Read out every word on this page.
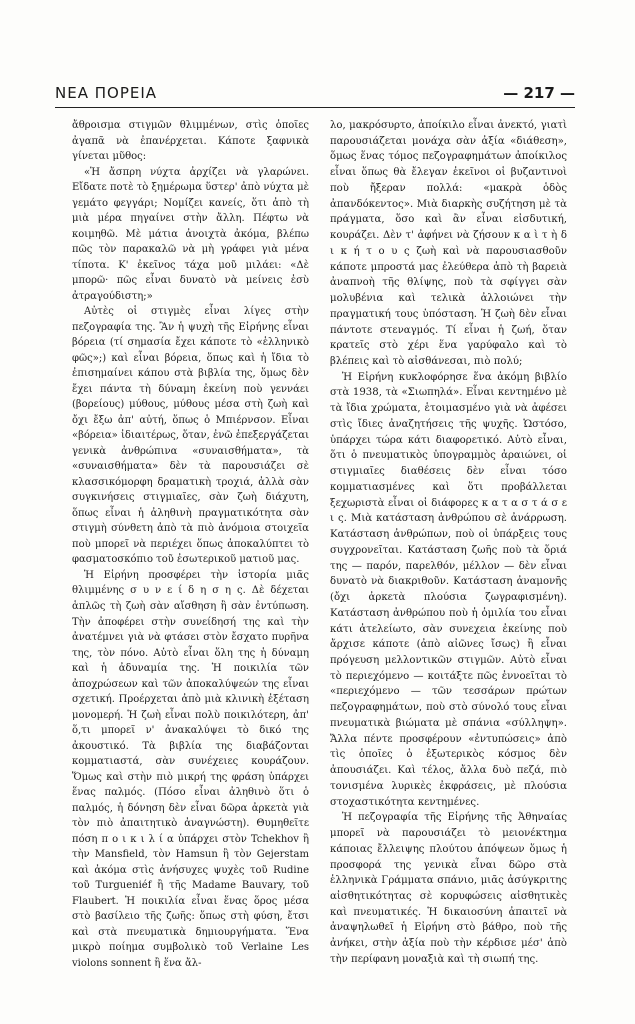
ΝΕΑ ΠΟΡΕΙΑ	— 217 —

ἄθροισμα στιγμῶν θλιμμένων, στὶς ὁποῖες ἀγαπᾶ νὰ ἐπανέρχεται. Κάποτε ξαφνικὰ γίνεται μῦθος:

«Ἡ ἄσπρη νύχτα ἀρχίζει νὰ γλαρώνει. Εἴδατε ποτὲ τὸ ξημέρωμα ὕστερ' ἀπὸ νύχτα μὲ γεμάτο φεγγάρι; Νομίζει κανείς, ὅτι ἀπὸ τὴ μιὰ μέρα πηγαίνει στὴν ἄλλη. Πέφτω νὰ κοιμηθῶ. Μὲ μάτια ἀνοιχτὰ ἀκόμα, βλέπω πῶς τὸν παρακαλῶ νὰ μὴ γράφει γιὰ μένα τίποτα. Κ' ἐκεῖνος τάχα μοῦ μιλάει: «Δὲ μπορῶ· πῶς εἶναι δυνατὸ νὰ μείνεις ἐσὺ ἀτραγούδιστη;»

Αὐτὲς οἱ στιγμὲς εἶναι λίγες στὴν πεζογραφία της. Ἂν ἡ ψυχὴ τῆς Εἰρήνης εἶναι βόρεια (τί σημασία ἔχει κάποτε τὸ «ἑλληνικὸ φῶς»;) καὶ εἶναι βόρεια, ὅπως καὶ ἡ ἴδια τὸ ἐπισημαίνει κάπου στὰ βιβλία της, ὅμως δὲν ἔχει πάντα τὴ δύναμη ἐκείνη ποὺ γεννάει (βορείους) μύθους, μύθους μέσα στὴ ζωὴ καὶ ὄχι ἔξω ἀπ' αὐτή, ὅπως ὁ Μπιέρνσον. Εἶναι «βόρεια» ἰδιαιτέρως, ὅταν, ἐνῶ ἐπεξεργάζεται γενικὰ ἀνθρώπινα «συναισθήματα», τὰ «συναισθήματα» δὲν τὰ παρουσιάζει σὲ κλασσικόμορφη δραματικὴ τροχιά, ἀλλὰ σὰν συγκινήσεις στιγμιαῖες, σὰν ζωὴ διάχυτη, ὅπως εἶναι ἡ ἀληθινὴ πραγματικότητα σὰν στιγμὴ σύνθετη ἀπὸ τὰ πιὸ ἀνόμοια στοιχεῖα ποὺ μπορεῖ νὰ περιέχει ὅπως ἀποκαλύπτει τὸ φασματοσκόπιο τοῦ ἐσωτερικοῦ ματιοῦ μας.

Ἡ Εἰρήνη προσφέρει τὴν ἱστορία μιᾶς θλιμμένης σ υ ν ε ί δ η σ η ς. Δὲ δέχεται ἁπλῶς τὴ ζωὴ σὰν αἴσθηση ἢ σὰν ἐντύπωση. Τὴν ἀποφέρει στὴν συνείδησή της καὶ τὴν ἀνατέμνει γιὰ νὰ φτάσει στὸν ἔσχατο πυρῆνα της, τὸν πόνο. Αὐτὸ εἶναι ὅλη της ἡ δύναμη καὶ ἡ ἀδυναμία της. Ἡ ποικιλία τῶν ἀποχρώσεων καὶ τῶν ἀποκαλύψεών της εἶναι σχετική. Προέρχεται ἀπὸ μιὰ κλινικὴ ἐξέταση μονομερή. Ἡ ζωὴ εἶναι πολὺ ποικιλότερη, ἀπ' ὅ,τι μπορεῖ ν' ἀνακαλύψει τὸ δικό της ἀκουστικό. Τὰ βιβλία της διαβάζονται κομματιαστά, σὰν συνέχειες κουράζουν. Ὅμως καὶ στὴν πιὸ μικρή της φράση ὑπάρχει ἕνας παλμός. (Πόσο εἶναι ἀληθινὸ ὅτι ὁ παλμός, ἡ δόνηση δὲν εἶναι δῶρα ἀρκετὰ γιὰ τὸν πιὸ ἀπαιτητικὸ ἀναγνώστη). Θυμηθεῖτε πόση π ο ι κ ι λ ί α ὑπάρχει στὸν Tchekhov ἢ τὴν Mansfield, τὸν Hamsun ἢ τὸν Gejerstam καὶ ἀκόμα στὶς ἀνήσυχες ψυχὲς τοῦ Rudine τοῦ Turgueniéf ἢ τῆς Madame Bauvary, τοῦ Flaubert. Ἡ ποικιλία εἶναι ἕνας ὅρος μέσα στὸ βασίλειο τῆς ζωῆς: ὅπως στὴ φύση, ἔτσι καὶ στὰ πνευματικὰ δημιουργήματα. Ἕνα μικρὸ ποίημα συμβολικὸ τοῦ Verlaine Les violons sonnent ἢ ἕνα ἄλ-

λο, μακρόσυρτο, ἀποίκιλο εἶναι ἀνεκτό, γιατὶ παρουσιάζεται μονάχα σὰν ἀξία «διάθεση», ὅμως ἕνας τόμος πεζογραφημάτων ἀποίκιλος εἶναι ὅπως θὰ ἔλεγαν ἐκεῖνοι οἱ βυζαντινοὶ ποὺ ἤξεραν πολλά: «μακρὰ ὁδὸς ἀπανδόκεντος». Μιὰ διαρκὴς συζήτηση μὲ τὰ πράγματα, ὅσο καὶ ἂν εἶναι εἰσδυτική, κουράζει. Δὲν τ' ἀφήνει νὰ ζήσουν κ α ὶ τ ὴ δ ι κ ή τ ο υ ς ζωὴ καὶ νὰ παρουσιασθοῦν κάποτε μπροστά μας ἐλεύθερα ἀπὸ τὴ βαρειὰ ἀναπνοὴ τῆς θλίψης, ποὺ τὰ σφίγγει σὰν μολυβένια καὶ τελικὰ ἀλλοιώνει τὴν πραγματική τους ὑπόσταση. Ἡ ζωὴ δὲν εἶναι πάντοτε στεναγμός. Τί εἶναι ἡ ζωή, ὅταν κρατεῖς στὸ χέρι ἕνα γαρύφαλο καὶ τὸ βλέπεις καὶ τὸ αἰσθάνεσαι, πιὸ πολύ;

Ἡ Εἰρήνη κυκλοφόρησε ἕνα ἀκόμη βιβλίο στὰ 1938, τὰ «Σιωπηλά». Εἶναι κεντημένο μὲ τὰ ἴδια χρώματα, ἑτοιμασμένο γιὰ νὰ ἀφέσει στὶς ἴδιες ἀναζητήσεις τῆς ψυχῆς. Ὡστόσο, ὑπάρχει τώρα κάτι διαφορετικό. Αὐτὸ εἶναι, ὅτι ὁ πνευματικὸς ὑπογραμμὸς ἀραιώνει, οἱ στιγμιαῖες διαθέσεις δὲν εἶναι τόσο κομματιασμένες καὶ ὅτι προβάλλεται ξεχωριστὰ εἶναι οἱ διάφορες κ α τ α σ τ ά σ ε ι ς. Μιὰ κατάσταση ἀνθρώπου σὲ ἀνάρρωση. Κατάσταση ἀνθρώπων, ποὺ οἱ ὑπάρξεις τους συγχρονεῖται. Κατάσταση ζωῆς ποὺ τὰ ὅριά της — παρόν, παρελθόν, μέλλον — δὲν εἶναι δυνατὸ νὰ διακριθοῦν. Κατάσταση ἀναμονῆς (ὄχι ἀρκετὰ πλούσια ζωγραφισμένη). Κατάσταση ἀνθρώπου ποὺ ἡ ὁμιλία του εἶναι κάτι ἀτελείωτο, σὰν συνεχεια ἐκείνης ποὺ ἄρχισε κάποτε (ἀπὸ αἰῶνες ἴσως) ἢ εἶναι πρόγευση μελλοντικῶν στιγμῶν. Αὐτὸ εἶναι τὸ περιεχόμενο — κοιτάξτε πῶς ἐννοεῖται τὸ «περιεχόμενο — τῶν τεσσάρων πρώτων πεζογραφημάτων, ποὺ στὸ σύνολό τους εἶναι πνευματικὰ βιώματα μὲ σπάνια «σύλληψη». Ἄλλα πέντε προσφέρουν «ἐντυπώσεις» ἀπὸ τὶς ὁποῖες ὁ ἐξωτερικὸς κόσμος δὲν ἀπουσιάζει. Καὶ τέλος, ἄλλα δυὸ πεζά, πιὸ τονισμένα λυρικὲς ἐκφράσεις, μὲ πλούσια στοχαστικότητα κεντημένες.

Ἡ πεζογραφία τῆς Εἰρήνης τῆς Ἀθηναίας μπορεῖ νὰ παρουσιάζει τὸ μειονέκτημα κάποιας ἔλλειψης πλούτου ἀπόψεων ὅμως ἡ προσφορά της γενικὰ εἶναι δῶρο στὰ ἑλληνικὰ Γράμματα σπάνιο, μιᾶς ἀσύγκριτης αἰσθητικότητας σὲ κορυφώσεις αἰσθητικὲς καὶ πνευματικές. Ἡ δικαιοσύνη ἀπαιτεῖ νὰ ἀναψηλωθεῖ ἡ Εἰρήνη στὸ βάθρο, ποὺ τῆς ἀνήκει, στὴν ἀξία ποὺ τὴν κέρδισε μέσ' ἀπὸ τὴν περίφανη μοναξιὰ καὶ τὴ σιωπή της.
